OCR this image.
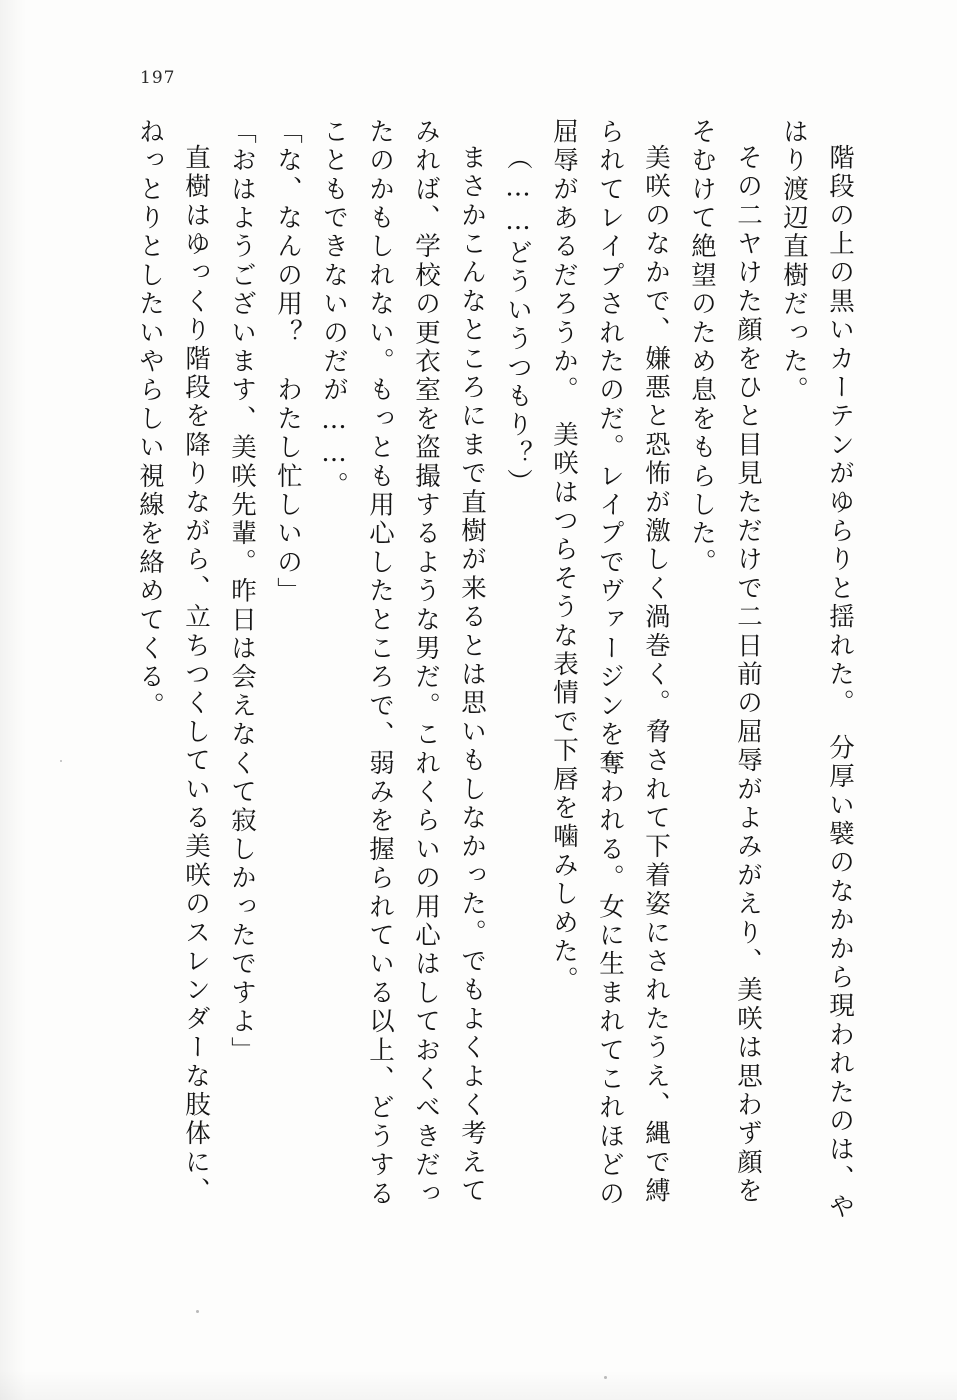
197
階段の上の黒いカーテンがゆらりと揺れた。　分厚い襞のなかから現われたのは、や
はり渡辺直樹だった。
その二ヤけた顔をひと目見ただけで二日前の屈辱がよみがえり、美咲は思わず顔を
そむけて絶望のため息をもらした。
美咲のなかで、嫌悪と恐怖が激しく渦巻く。脅されて下着姿にされたうえ、縄で縛
られてレイプされたのだ。レイプでヴァージンを奪われる。女に生まれてこれほどの
屈辱があるだろうか。　美咲はつらそうな表情で下唇を噛みしめた。
（……どういうつもり？）
まさかこんなところにまで直樹が来るとは思いもしなかった。でもよくよく考えて
みれば、学校の更衣室を盗撮するような男だ。これくらいの用心はしておくべきだっ
たのかもしれない。もっとも用心したところで、弱みを握られている以上、どうする
こともできないのだが……。
「な、なんの用？　わたし忙しいの」
「おはようございます、美咲先輩。昨日は会えなくて寂しかったですよ」
直樹はゆっくり階段を降りながら、立ちつくしている美咲のスレンダーな肢体に、
ねっとりとしたいやらしい視線を絡めてくる。
